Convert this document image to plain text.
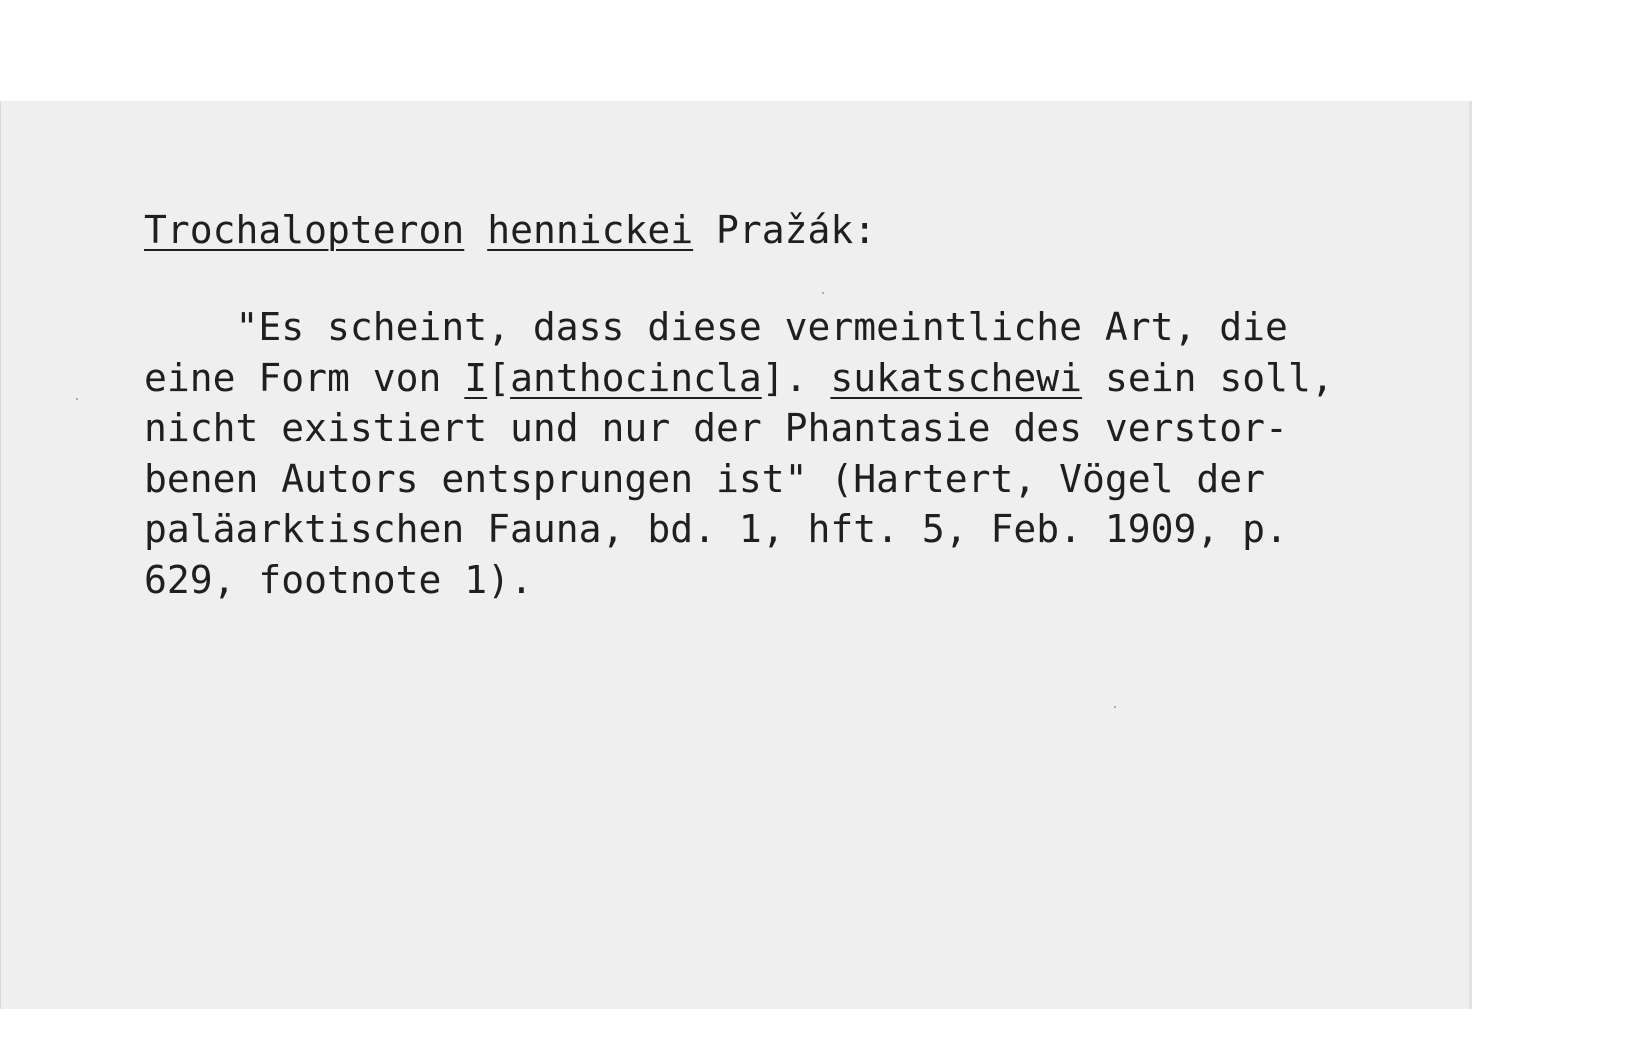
Trochalopteron hennickei Pražák:
"Es scheint, dass diese vermeintliche Art, die
eine Form von I[anthocincla]. sukatschewi sein soll,
nicht existiert und nur der Phantasie des verstor-
benen Autors entsprungen ist" (Hartert, Vögel der
paläarktischen Fauna, bd. 1, hft. 5, Feb. 1909, p.
629, footnote 1).
